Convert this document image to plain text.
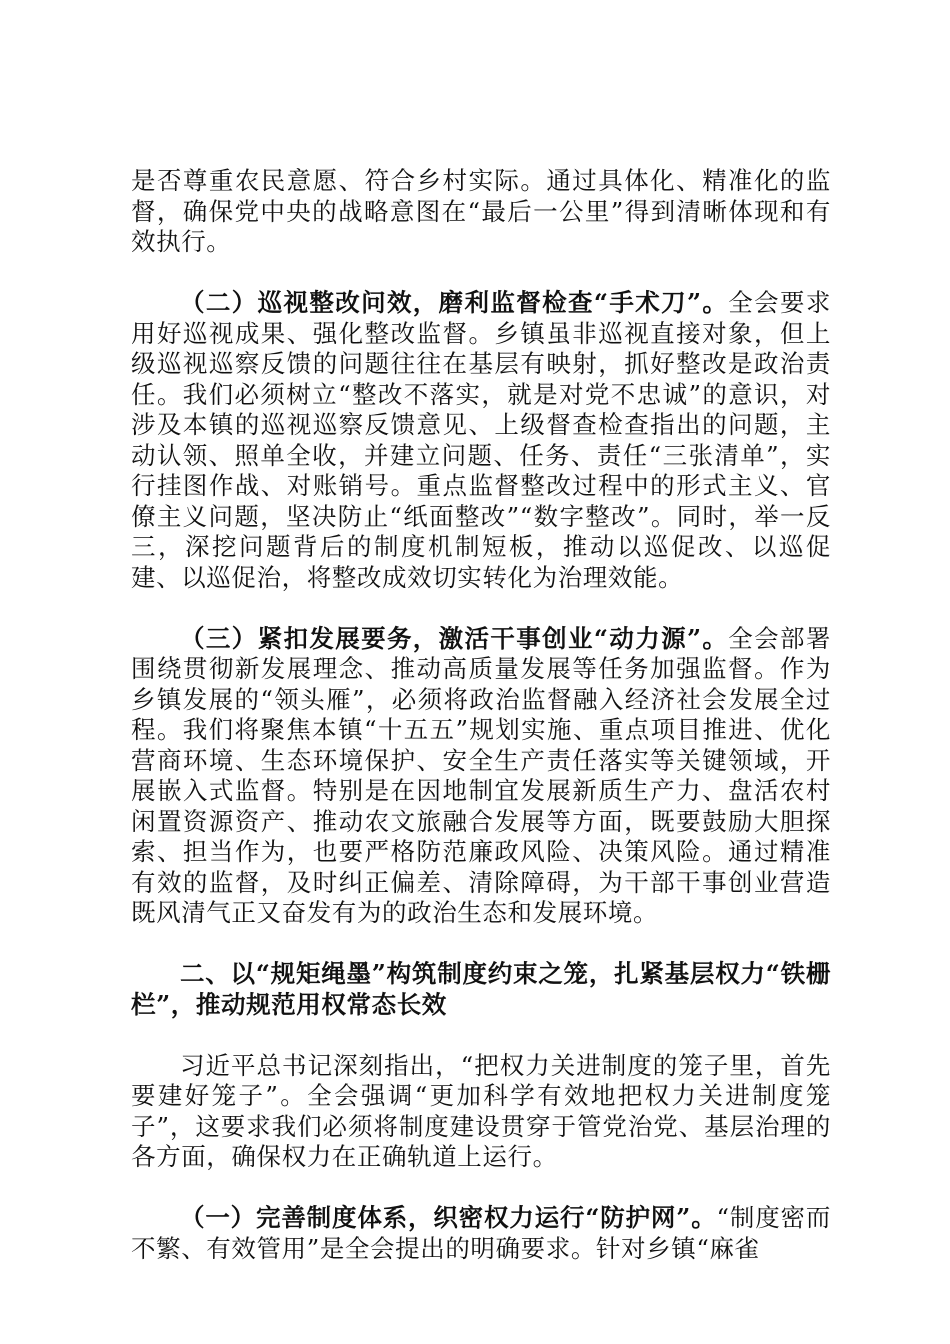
是否尊重农民意愿、符合乡村实际。通过具体化、精准化的监督，确保党中央的战略意图在“最后一公里”得到清晰体现和有效执行。

（二）巡视整改问效，磨利监督检查“手术刀”。全会要求用好巡视成果、强化整改监督。乡镇虽非巡视直接对象，但上级巡视巡察反馈的问题往往在基层有映射，抓好整改是政治责任。我们必须树立“整改不落实，就是对党不忠诚”的意识，对涉及本镇的巡视巡察反馈意见、上级督查检查指出的问题，主动认领、照单全收，并建立问题、任务、责任“三张清单”，实行挂图作战、对账销号。重点监督整改过程中的形式主义、官僚主义问题，坚决防止“纸面整改”“数字整改”。同时，举一反三，深挖问题背后的制度机制短板，推动以巡促改、以巡促建、以巡促治，将整改成效切实转化为治理效能。

（三）紧扣发展要务，激活干事创业“动力源”。全会部署围绕贯彻新发展理念、推动高质量发展等任务加强监督。作为乡镇发展的“领头雁”，必须将政治监督融入经济社会发展全过程。我们将聚焦本镇“十五五”规划实施、重点项目推进、优化营商环境、生态环境保护、安全生产责任落实等关键领域，开展嵌入式监督。特别是在因地制宜发展新质生产力、盘活农村闲置资源资产、推动农文旅融合发展等方面，既要鼓励大胆探索、担当作为，也要严格防范廉政风险、决策风险。通过精准有效的监督，及时纠正偏差、清除障碍，为干部干事创业营造既风清气正又奋发有为的政治生态和发展环境。

二、以“规矩绳墨”构筑制度约束之笼，扎紧基层权力“铁栅栏”，推动规范用权常态长效

习近平总书记深刻指出，“把权力关进制度的笼子里，首先要建好笼子”。全会强调“更加科学有效地把权力关进制度笼子”，这要求我们必须将制度建设贯穿于管党治党、基层治理的各方面，确保权力在正确轨道上运行。

（一）完善制度体系，织密权力运行“防护网”。“制度密而不繁、有效管用”是全会提出的明确要求。针对乡镇“麻雀
